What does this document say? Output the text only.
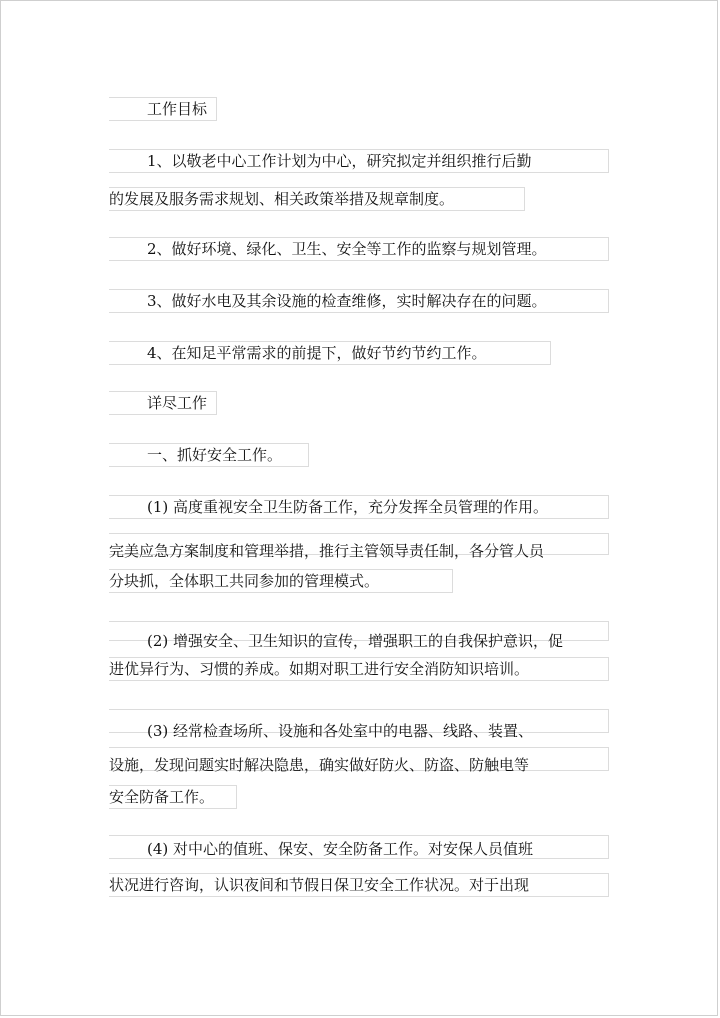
工作目标
1、以敬老中心工作计划为中心，研究拟定并组织推行后勤
的发展及服务需求规划、相关政策举措及规章制度。
2、做好环境、绿化、卫生、安全等工作的监察与规划管理。
3、做好水电及其余设施的检查维修，实时解决存在的问题。
4、在知足平常需求的前提下，做好节约节约工作。
详尽工作
一、抓好安全工作。
(1) 高度重视安全卫生防备工作，充分发挥全员管理的作用。
完美应急方案制度和管理举措，推行主管领导责任制，各分管人员
分块抓，全体职工共同参加的管理模式。
(2) 增强安全、卫生知识的宣传，增强职工的自我保护意识，促
进优异行为、习惯的养成。如期对职工进行安全消防知识培训。
(3) 经常检查场所、设施和各处室中的电器、线路、装置、
设施，发现问题实时解决隐患，确实做好防火、防盗、防触电等
安全防备工作。
(4) 对中心的值班、保安、安全防备工作。对安保人员值班
状况进行咨询，认识夜间和节假日保卫安全工作状况。对于出现
